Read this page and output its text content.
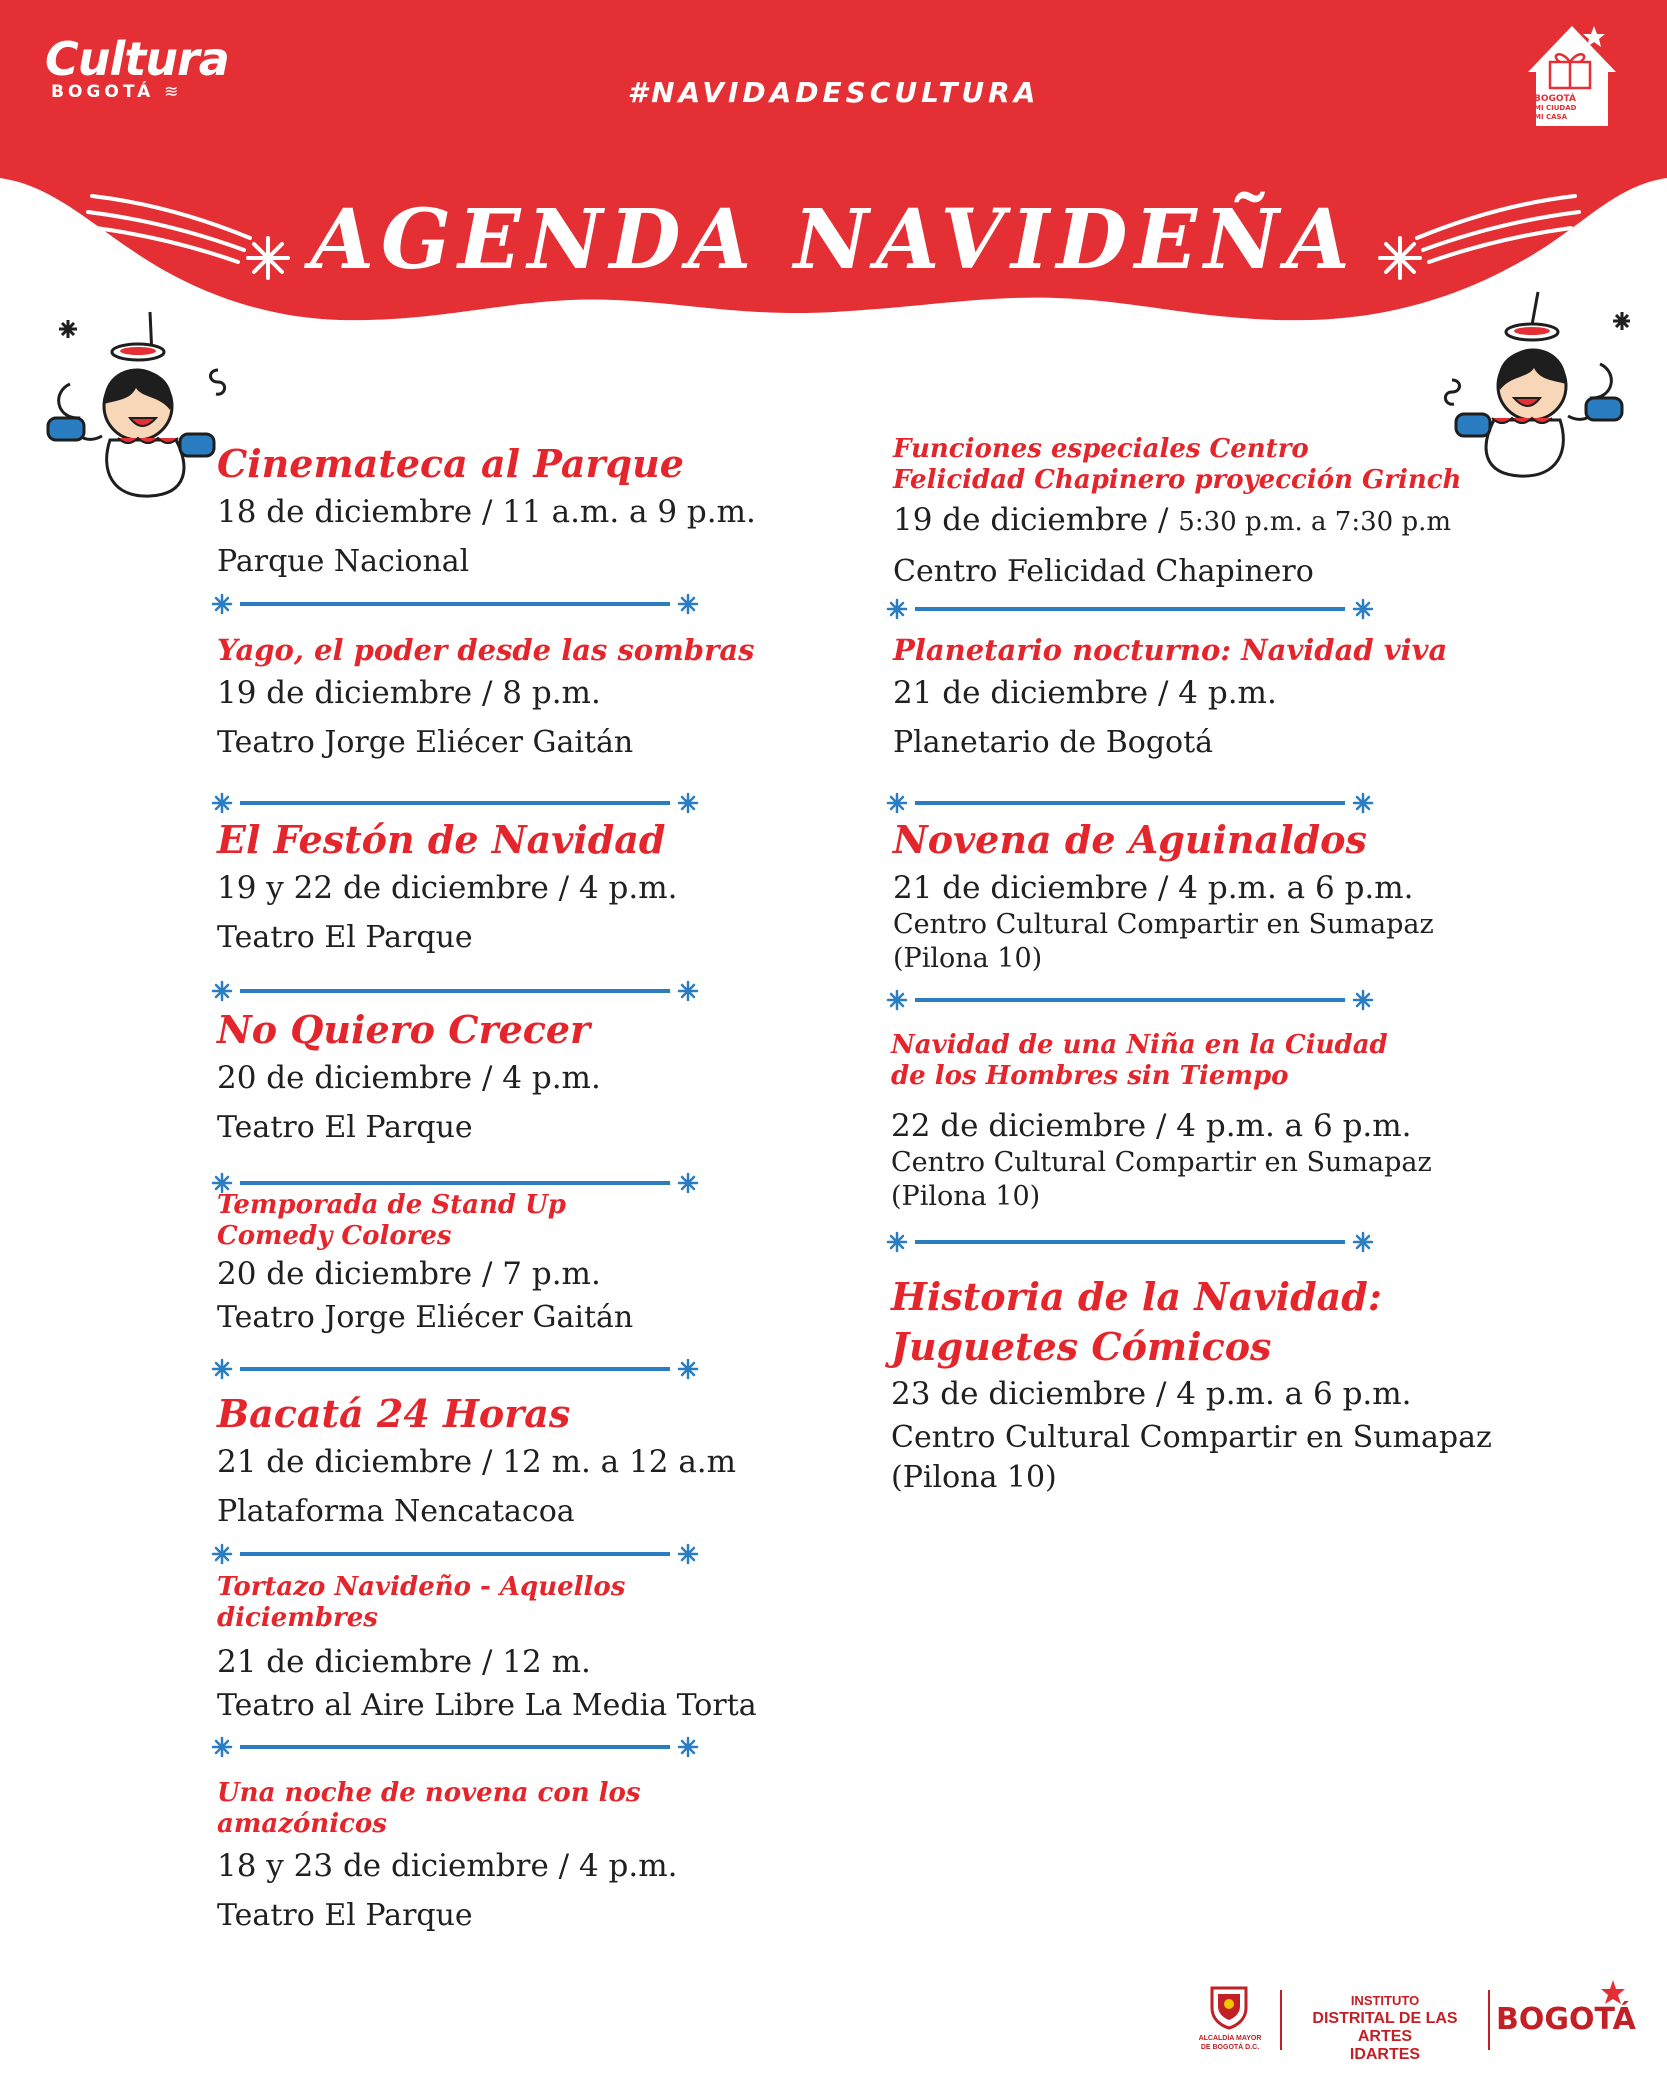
Cultura
BOGOTÁ ≋	#NAVIDADESCULTURA	BOGOTÁ
MI CIUDAD
MI CASA
AGENDA NAVIDEÑA
Cinemateca al Parque
18 de diciembre / 11 a.m. a 9 p.m.
Parque Nacional
Yago, el poder desde las sombras
19 de diciembre / 8 p.m.
Teatro Jorge Eliécer Gaitán
El Festón de Navidad
19 y 22 de diciembre / 4 p.m.
Teatro El Parque
No Quiero Crecer
20 de diciembre / 4 p.m.
Teatro El Parque
Temporada de Stand Up
Comedy Colores
20 de diciembre / 7 p.m.
Teatro Jorge Eliécer Gaitán
Bacatá 24 Horas
21 de diciembre / 12 m. a 12 a.m
Plataforma Nencatacoa
Tortazo Navideño - Aquellos
diciembres
21 de diciembre / 12 m.
Teatro al Aire Libre La Media Torta
Una noche de novena con los
amazónicos
18 y 23 de diciembre / 4 p.m.
Teatro El Parque
Funciones especiales Centro
Felicidad Chapinero proyección Grinch
19 de diciembre / 5:30 p.m. a 7:30 p.m
Centro Felicidad Chapinero
Planetario nocturno: Navidad viva
21 de diciembre / 4 p.m.
Planetario de Bogotá
Novena de Aguinaldos
21 de diciembre / 4 p.m. a 6 p.m.
Centro Cultural Compartir en Sumapaz
(Pilona 10)
Navidad de una Niña en la Ciudad
de los Hombres sin Tiempo
22 de diciembre / 4 p.m. a 6 p.m.
Centro Cultural Compartir en Sumapaz
(Pilona 10)
Historia de la Navidad:
Juguetes Cómicos
23 de diciembre / 4 p.m. a 6 p.m.
Centro Cultural Compartir en Sumapaz
(Pilona 10)
ALCALDÍA MAYOR
DE BOGOTÁ D.C.
INSTITUTO
DISTRITAL DE LAS ARTES
IDARTES
BOGOTÁ
